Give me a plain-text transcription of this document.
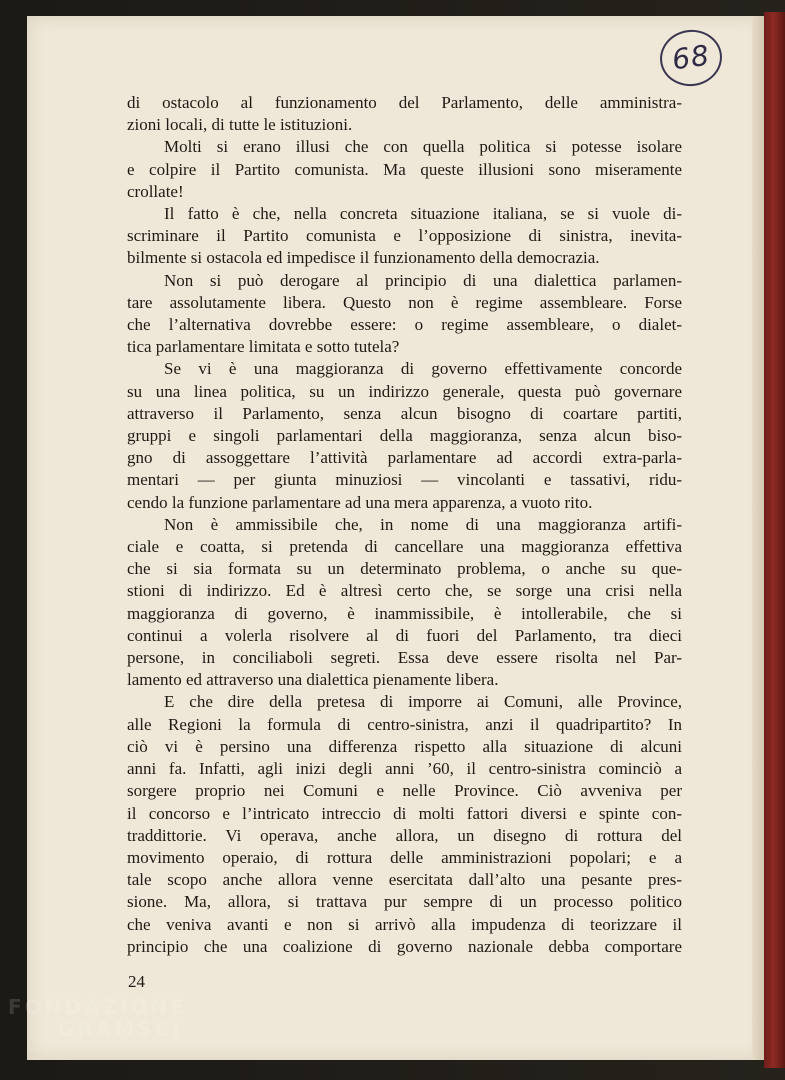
68
di ostacolo al funzionamento del Parlamento, delle amministra-
zioni locali, di tutte le istituzioni.
Molti si erano illusi che con quella politica si potesse isolare
e colpire il Partito comunista. Ma queste illusioni sono miseramente
crollate!
Il fatto è che, nella concreta situazione italiana, se si vuole di-
scriminare il Partito comunista e l’opposizione di sinistra, inevita-
bilmente si ostacola ed impedisce il funzionamento della democrazia.
Non si può derogare al principio di una dialettica parlamen-
tare assolutamente libera. Questo non è regime assembleare. Forse
che l’alternativa dovrebbe essere: o regime assembleare, o dialet-
tica parlamentare limitata e sotto tutela?
Se vi è una maggioranza di governo effettivamente concorde
su una linea politica, su un indirizzo generale, questa può governare
attraverso il Parlamento, senza alcun bisogno di coartare partiti,
gruppi e singoli parlamentari della maggioranza, senza alcun biso-
gno di assoggettare l’attività parlamentare ad accordi extra-parla-
mentari — per giunta minuziosi — vincolanti e tassativi, ridu-
cendo la funzione parlamentare ad una mera apparenza, a vuoto rito.
Non è ammissibile che, in nome di una maggioranza artifi-
ciale e coatta, si pretenda di cancellare una maggioranza effettiva
che si sia formata su un determinato problema, o anche su que-
stioni di indirizzo. Ed è altresì certo che, se sorge una crisi nella
maggioranza di governo, è inammissibile, è intollerabile, che si
continui a volerla risolvere al di fuori del Parlamento, tra dieci
persone, in conciliaboli segreti. Essa deve essere risolta nel Par-
lamento ed attraverso una dialettica pienamente libera.
E che dire della pretesa di imporre ai Comuni, alle Province,
alle Regioni la formula di centro-sinistra, anzi il quadripartito? In
ciò vi è persino una differenza rispetto alla situazione di alcuni
anni fa. Infatti, agli inizi degli anni ’60, il centro-sinistra cominciò a
sorgere proprio nei Comuni e nelle Province. Ciò avveniva per
il concorso e l’intricato intreccio di molti fattori diversi e spinte con-
traddittorie. Vi operava, anche allora, un disegno di rottura del
movimento operaio, di rottura delle amministrazioni popolari; e a
tale scopo anche allora venne esercitata dall’alto una pesante pres-
sione. Ma, allora, si trattava pur sempre di un processo politico
che veniva avanti e non si arrivò alla impudenza di teorizzare il
principio che una coalizione di governo nazionale debba comportare
24
FONDAZIONE
GRAMSCI
